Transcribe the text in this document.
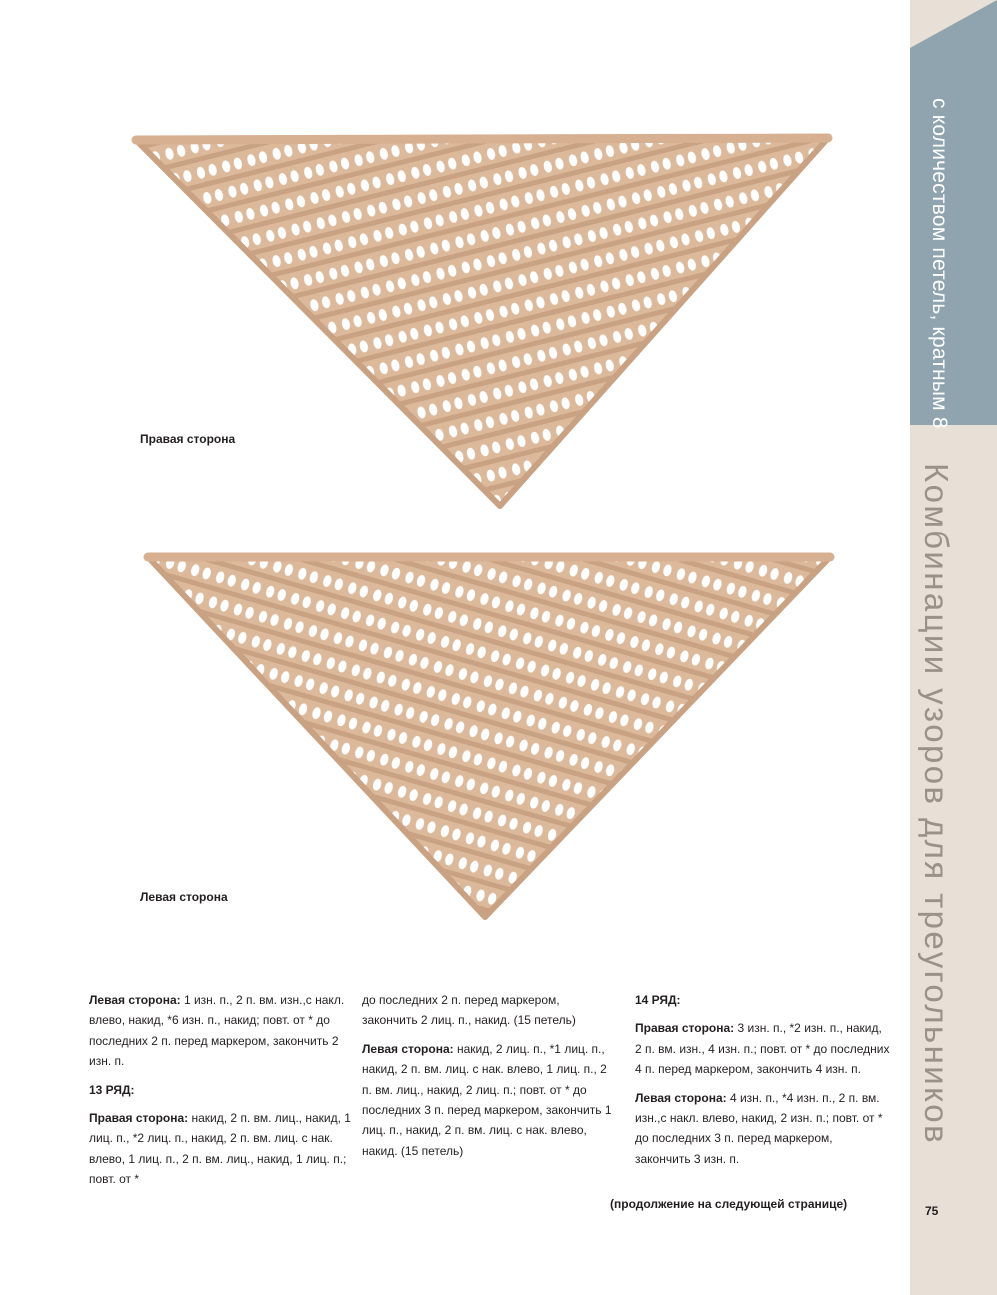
с количеством петель, кратным 8
Комбинации узоров для треугольников
Правая сторона
Левая сторона

Левая сторона: 1 изн. п., 2 п. вм. изн.,с накл. влево, накид, *6 изн. п., накид; повт. от * до последних 2 п. перед маркером, закончить 2 изн. п.

13 РЯД:

Правая сторона: накид, 2 п. вм. лиц., накид, 1 лиц. п., *2 лиц. п., накид, 2 п. вм. лиц. с нак. влево, 1 лиц. п., 2 п. вм. лиц., накид, 1 лиц. п.; повт. от *

до последних 2 п. перед маркером, закончить 2 лиц. п., накид. (15 петель)

Левая сторона: накид, 2 лиц. п., *1 лиц. п., накид, 2 п. вм. лиц. с нак. влево, 1 лиц. п., 2 п. вм. лиц., накид, 2 лиц. п.; повт. от * до последних 3 п. перед маркером, закончить 1 лиц. п., накид, 2 п. вм. лиц. с нак. влево, накид. (15 петель)

14 РЯД:

Правая сторона: 3 изн. п., *2 изн. п., накид, 2 п. вм. изн., 4 изн. п.; повт. от * до последних 4 п. перед маркером, закончить 4 изн. п.

Левая сторона: 4 изн. п., *4 изн. п., 2 п. вм. изн.,с накл. влево, накид, 2 изн. п.; повт. от * до последних 3 п. перед маркером, закончить 3 изн. п.

(продолжение на следующей странице)	75
